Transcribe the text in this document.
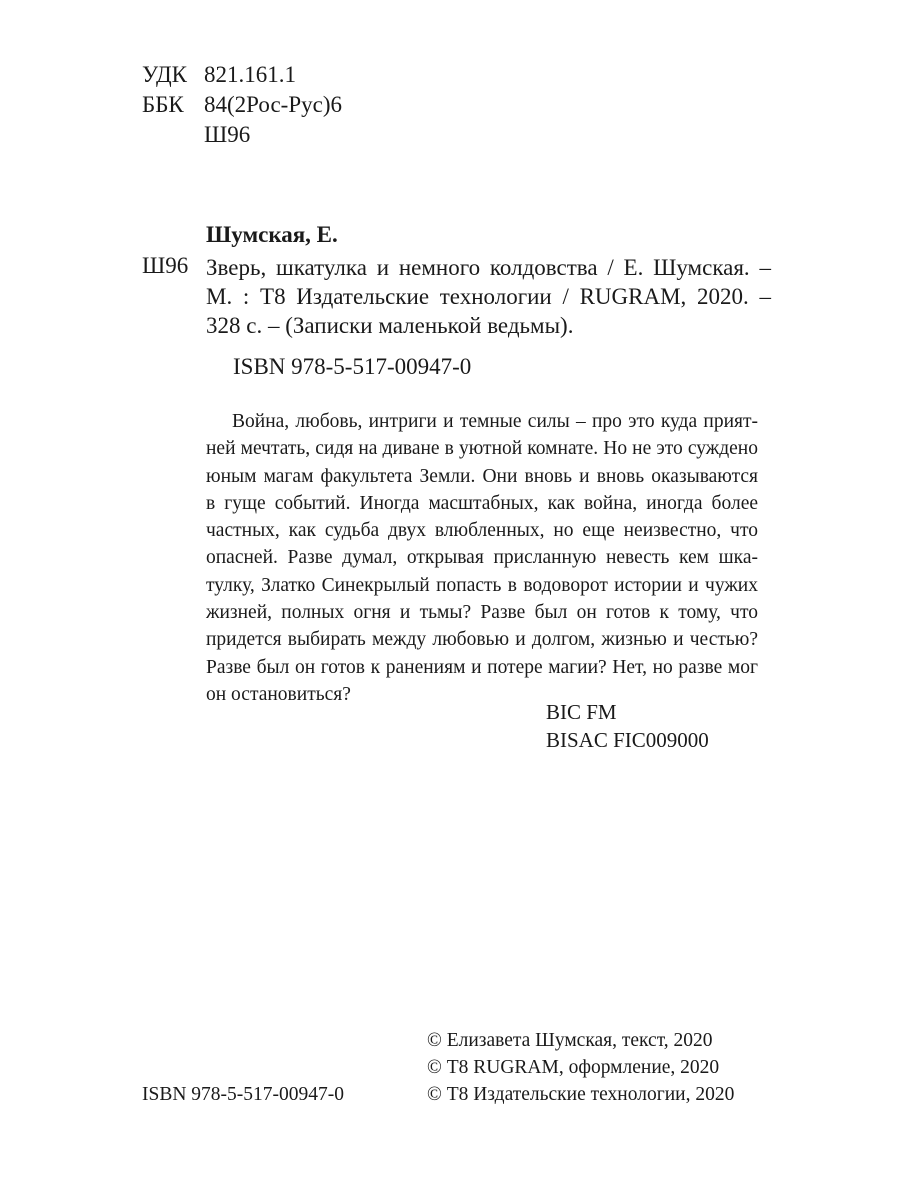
УДК 821.161.1
ББК 84(2Рос-Рус)6
Ш96
Шумская, Е.
Ш96 Зверь, шкатулка и немного колдовства / Е. Шумская. –

М. : Т8 Издательские технологии / RUGRAM, 2020. –

328 с. – (Записки маленькой ведьмы).

ISBN 978-5-517-00947-0

Война, любовь, интриги и темные силы – про это куда прият-

ней мечтать, сидя на диване в уютной комнате. Но не это суждено

юным магам факультета Земли. Они вновь и вновь оказываются

в гуще событий. Иногда масштабных, как война, иногда более

частных, как судьба двух влюбленных, но еще неизвестно, что

опасней. Разве думал, открывая присланную невесть кем шка-

тулку, Златко Синекрылый попасть в водоворот истории и чужих

жизней, полных огня и тьмы? Разве был он готов к тому, что

придется выбирать между любовью и долгом, жизнью и честью?

Разве был он готов к ранениям и потере магии? Нет, но разве мог

он остановиться?

BIC FM
BISAC FIC009000
© Елизавета Шумская, текст, 2020
© Т8 RUGRAM, оформление, 2020
© Т8 Издательские технологии, 2020
ISBN 978-5-517-00947-0
